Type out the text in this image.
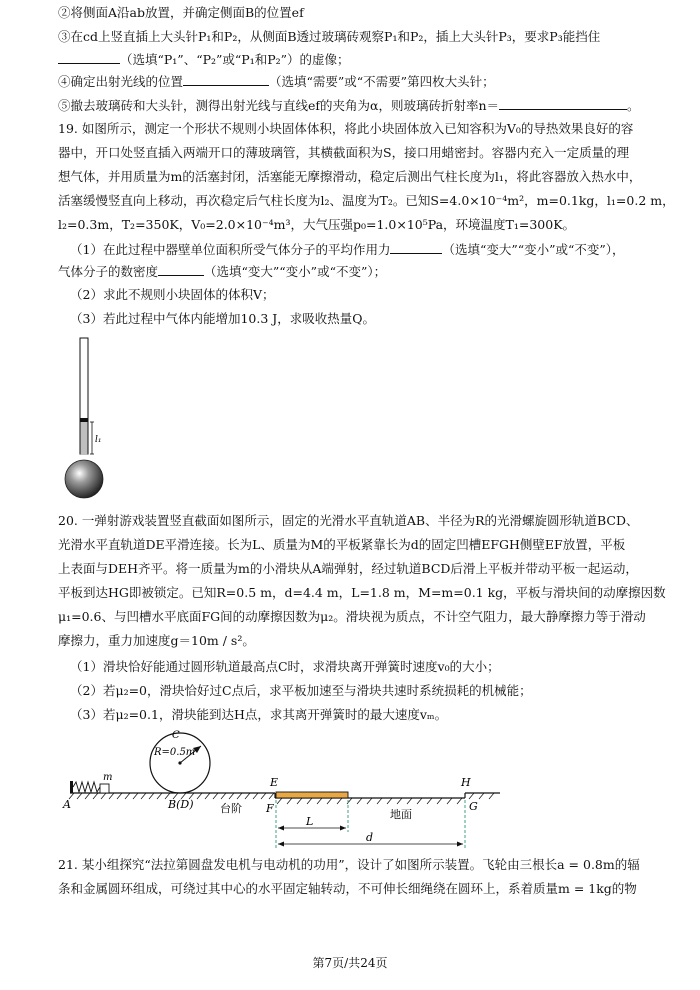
②将侧面A沿ab放置，并确定侧面B的位置ef
③在cd上竖直插上大头针P₁和P₂，从侧面B透过玻璃砖观察P₁和P₂，插上大头针P₃，要求P₃能挡住
（选填“P₁”、“P₂”或“P₁和P₂”）的虚像；
④确定出射光线的位置	（选填“需要”或“不需要”第四枚大头针；
⑤撤去玻璃砖和大头针，测得出射光线与直线ef的夹角为α，则玻璃砖折射率n＝	。
19. 如图所示，测定一个形状不规则小块固体体积，将此小块固体放入已知容积为V₀的导热效果良好的容
器中，开口处竖直插入两端开口的薄玻璃管，其横截面积为S，接口用蜡密封。容器内充入一定质量的理
想气体，并用质量为m的活塞封闭，活塞能无摩擦滑动，稳定后测出气柱长度为l₁，将此容器放入热水中，
活塞缓慢竖直向上移动，再次稳定后气柱长度为l₂、温度为T₂。已知S=4.0×10⁻⁴m²，m=0.1kg，l₁=0.2 m，
l₂=0.3m，T₂=350K，V₀=2.0×10⁻⁴m³，大气压强p₀=1.0×10⁵Pa，环境温度T₁=300K。
（1）在此过程中器壁单位面积所受气体分子的平均作用力	（选填“变大”“变小”或“不变”），
气体分子的数密度	（选填“变大”“变小”或“不变”）；
（2）求此不规则小块固体的体积V；
（3）若此过程中气体内能增加10.3 J，求吸收热量Q。
l₁
20. 一弹射游戏装置竖直截面如图所示，固定的光滑水平直轨道AB、半径为R的光滑螺旋圆形轨道BCD、
光滑水平直轨道DE平滑连接。长为L、质量为M的平板紧靠长为d的固定凹槽EFGH侧壁EF放置，平板
上表面与DEH齐平。将一质量为m的小滑块从A端弹射，经过轨道BCD后滑上平板并带动平板一起运动，
平板到达HG即被锁定。已知R=0.5 m，d=4.4 m，L=1.8 m，M=m=0.1 kg，平板与滑块间的动摩擦因数
μ₁=0.6、与凹槽水平底面FG间的动摩擦因数为μ₂。滑块视为质点，不计空气阻力，最大静摩擦力等于滑动
摩擦力，重力加速度g＝10m / s²。
（1）滑块恰好能通过圆形轨道最高点C时，求滑块离开弹簧时速度v₀的大小；
（2）若μ₂=0，滑块恰好过C点后，求平板加速至与滑块共速时系统损耗的机械能；
（3）若μ₂=0.1，滑块能到达H点，求其离开弹簧时的最大速度vₘ。
m
A
C
R=0.5m
B(D) 台阶
E
F
H
G
L
地面
d
21. 某小组探究“法拉第圆盘发电机与电动机的功用”，设计了如图所示装置。飞轮由三根长a = 0.8m的辐
条和金属圆环组成，可绕过其中心的水平固定轴转动，不可伸长细绳绕在圆环上，系着质量m = 1kg的物
第7页/共24页
